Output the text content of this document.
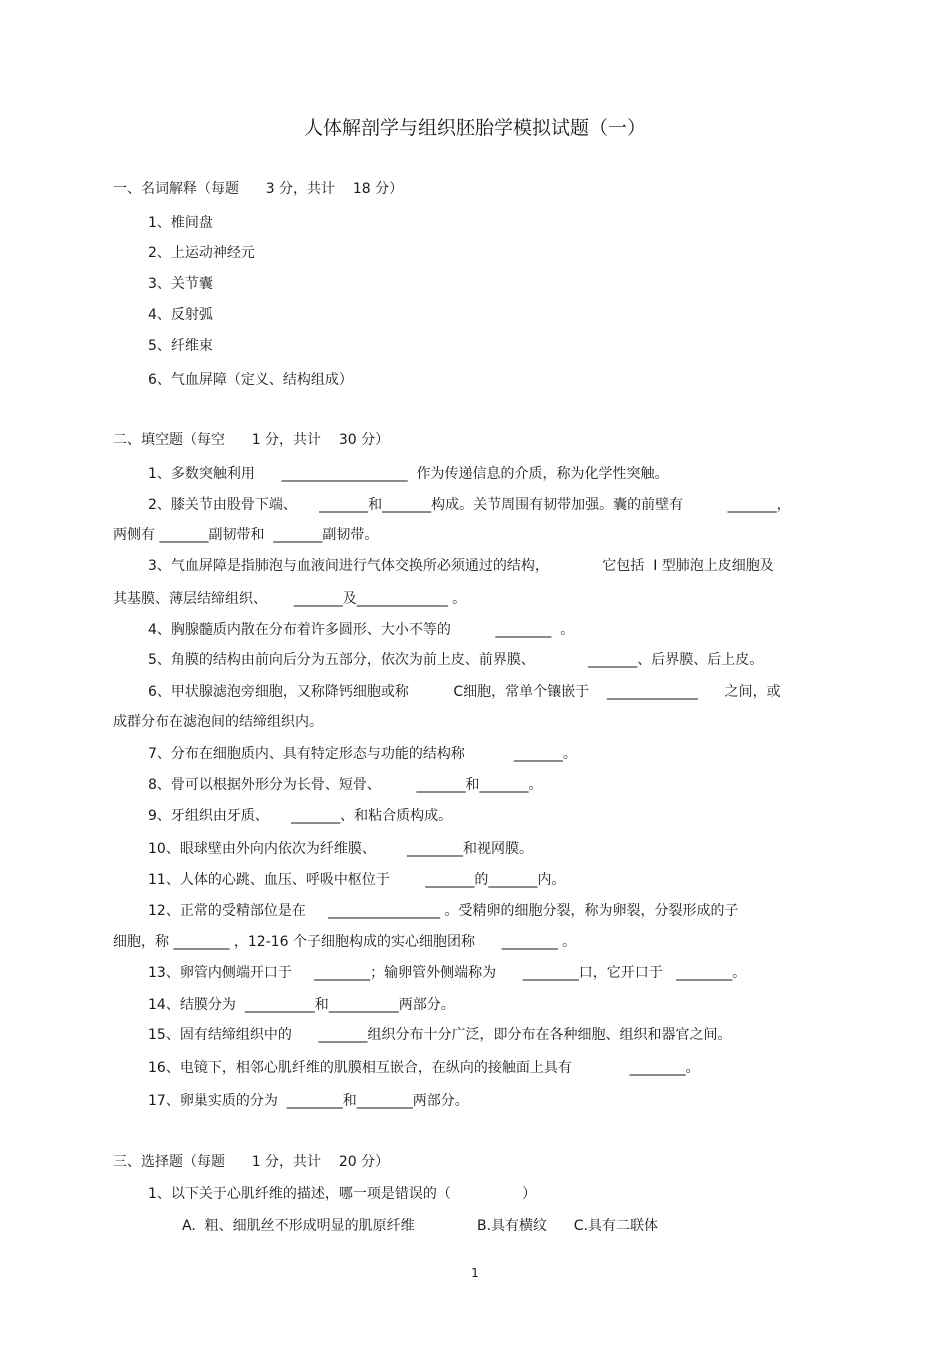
人体解剖学与组织胚胎学模拟试题（一）
一、名词解释（每题      3 分，共计    18 分）
1、椎间盘
2、上运动神经元
3、关节囊
4、反射弧
5、纤维束
6、气血屏障（定义、结构组成）
二、填空题（每空      1 分，共计    30 分）
1、多数突触利用      __________________  作为传递信息的介质，称为化学性突触。
2、膝关节由股骨下端、     _______和_______构成。关节周围有韧带加强。囊的前壁有          _______，
两侧有 _______副韧带和  _______副韧带。
3、气血屏障是指肺泡与血液间进行气体交换所必须通过的结构，            它包括  Ⅰ 型肺泡上皮细胞及
其基膜、薄层结缔组织、      _______及_____________ 。
4、胸腺髓质内散在分布着许多圆形、大小不等的          ________  。
5、角膜的结构由前向后分为五部分，依次为前上皮、前界膜、            _______、后界膜、后上皮。
6、甲状腺滤泡旁细胞，又称降钙细胞或称          C细胞，常单个镶嵌于    _____________      之间，或
成群分布在滤泡间的结缔组织内。
7、分布在细胞质内、具有特定形态与功能的结构称           _______。
8、骨可以根据外形分为长骨、短骨、        _______和_______。
9、牙组织由牙质、     _______、和粘合质构成。
10、眼球壁由外向内依次为纤维膜、       ________和视网膜。
11、人体的心跳、血压、呼吸中枢位于        _______的_______内。
12、正常的受精部位是在     ________________ 。受精卵的细胞分裂，称为卵裂，分裂形成的子
细胞，称 ________ ，12-16 个子细胞构成的实心细胞团称      ________ 。
13、卵管内侧端开口于     ________；输卵管外侧端称为      ________口，它开口于   ________。
14、结膜分为  __________和__________两部分。
15、固有结缔组织中的      _______组织分布十分广泛，即分布在各种细胞、组织和器官之间。
16、电镜下，相邻心肌纤维的肌膜相互嵌合，在纵向的接触面上具有             ________。
17、卵巢实质的分为  ________和________两部分。
三、选择题（每题      1 分，共计    20 分）
1、以下关于心肌纤维的描述，哪一项是错误的（                ）
A.  粗、细肌丝不形成明显的肌原纤维              B.具有横纹      C.具有二联体
1
